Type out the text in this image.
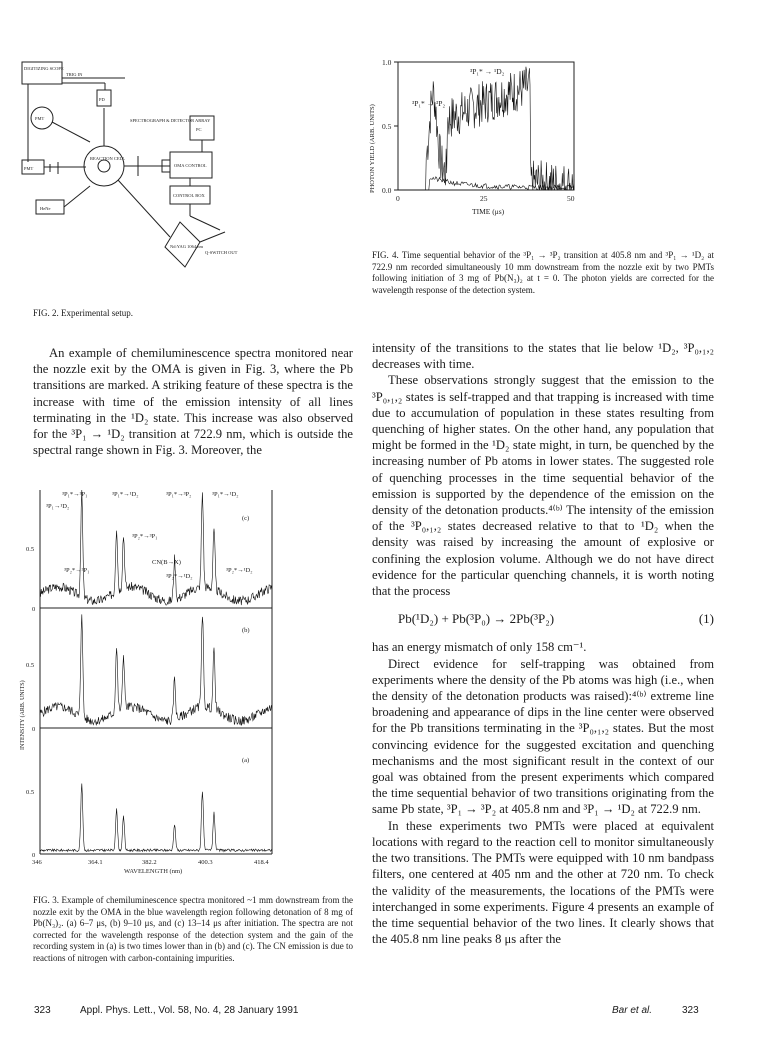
DIGITIZING SCOPE
TRIG IN
PD
PMT
PMT
SPECTROGRAPH & DETECTOR ARRAY
PC
REACTION CELL
OMA CONTROL
CONTROL BOX
HeNe
Nd:YAG 1064 nm
Q-SWITCH OUT
FIG. 2. Experimental setup.
1.0
0.5
0.0
0	25	50
TIME (μs)
³P₁* → ¹D₂
³P₁* → ³P₂
PHOTON YIELD (ARB. UNITS)
FIG. 4. Time sequential behavior of the ³P₁ → ³P₂ transition at 405.8 nm and ³P₁ → ¹D₂ at 722.9 nm recorded simultaneously 10 mm downstream from the nozzle exit by two PMTs following initiation of 3 mg of Pb(N₃)₂ at t = 0. The photon yields are corrected for the wavelength response of the detection system.

An example of chemiluminescence spectra monitored near the nozzle exit by the OMA is given in Fig. 3, where the Pb transitions are marked. A striking feature of these spectra is the increase with time of the emission intensity of all lines terminating in the ¹D₂ state. This increase was also observed for the ³P₁ → ¹D₂ transition at 722.9 nm, which is outside the spectral range shown in Fig. 3. Moreover, the

(c)
(b)
(a)
0.5
0
0.5
0
0.5
0
346	364.1	382.2	400.3	418.4
WAVELENGTH (nm)
³P₁*→³P₁	³P₁*→¹D₂	³P₁*→³P₂	³P₁*→¹D₂
³P₁→¹D₂
³P₂*→³P₁
CN(B→X)
³P₂*→³P₁
³P₂*→¹D₂
³P₂*→¹D₂
INTENSITY (ARB. UNITS)
FIG. 3. Example of chemiluminescence spectra monitored ~1 mm downstream from the nozzle exit by the OMA in the blue wavelength region following detonation of 8 mg of Pb(N₃)₂. (a) 6–7 μs, (b) 9–10 μs, and (c) 13–14 μs after initiation. The spectra are not corrected for the wavelength response of the detection system and the gain of the recording system in (a) is two times lower than in (b) and (c). The CN emission is due to reactions of nitrogen with carbon-containing impurities.

intensity of the transitions to the states that lie below ¹D₂, ³P₀,₁,₂ decreases with time.

These observations strongly suggest that the emission to the ³P₀,₁,₂ states is self-trapped and that trapping is increased with time due to accumulation of population in these states resulting from quenching of higher states. On the other hand, any population that might be formed in the ¹D₂ state might, in turn, be quenched by the increasing number of Pb atoms in lower states. The suggested role of quenching processes in the time sequential behavior of the emission is supported by the dependence of the emission on the density of the detonation products.⁴⁽ᵇ⁾ The intensity of the emission of the ³P₀,₁,₂ states decreased relative to that to ¹D₂ when the density was raised by increasing the amount of explosive or confining the explosion volume. Although we do not have direct evidence for the particular quenching channels, it is worth noting that the process

Pb(¹D₂) + Pb(³P₀) → 2Pb(³P₂)	(1)

has an energy mismatch of only 158 cm⁻¹.

Direct evidence for self-trapping was obtained from experiments where the density of the Pb atoms was high (i.e., when the density of the detonation products was raised):⁴⁽ᵇ⁾ extreme line broadening and appearance of dips in the line center were observed for the Pb transitions terminating in the ³P₀,₁,₂ states. But the most convincing evidence for the suggested excitation and quenching mechanisms and the most significant result in the context of our goal was obtained from the present experiments which compared the time sequential behavior of two transitions originating from the same Pb state, ³P₁ → ³P₂ at 405.8 nm and ³P₁ → ¹D₂ at 722.9 nm.

In these experiments two PMTs were placed at equivalent locations with regard to the reaction cell to monitor simultaneously the two transitions. The PMTs were equipped with 10 nm bandpass filters, one centered at 405 nm and the other at 720 nm. To check the validity of the measurements, the locations of the PMTs were interchanged in some experiments. Figure 4 presents an example of the time sequential behavior of the two lines. It clearly shows that the 405.8 nm line peaks 8 μs after the

323	Appl. Phys. Lett., Vol. 58, No. 4, 28 January 1991	Bar et al.	323
